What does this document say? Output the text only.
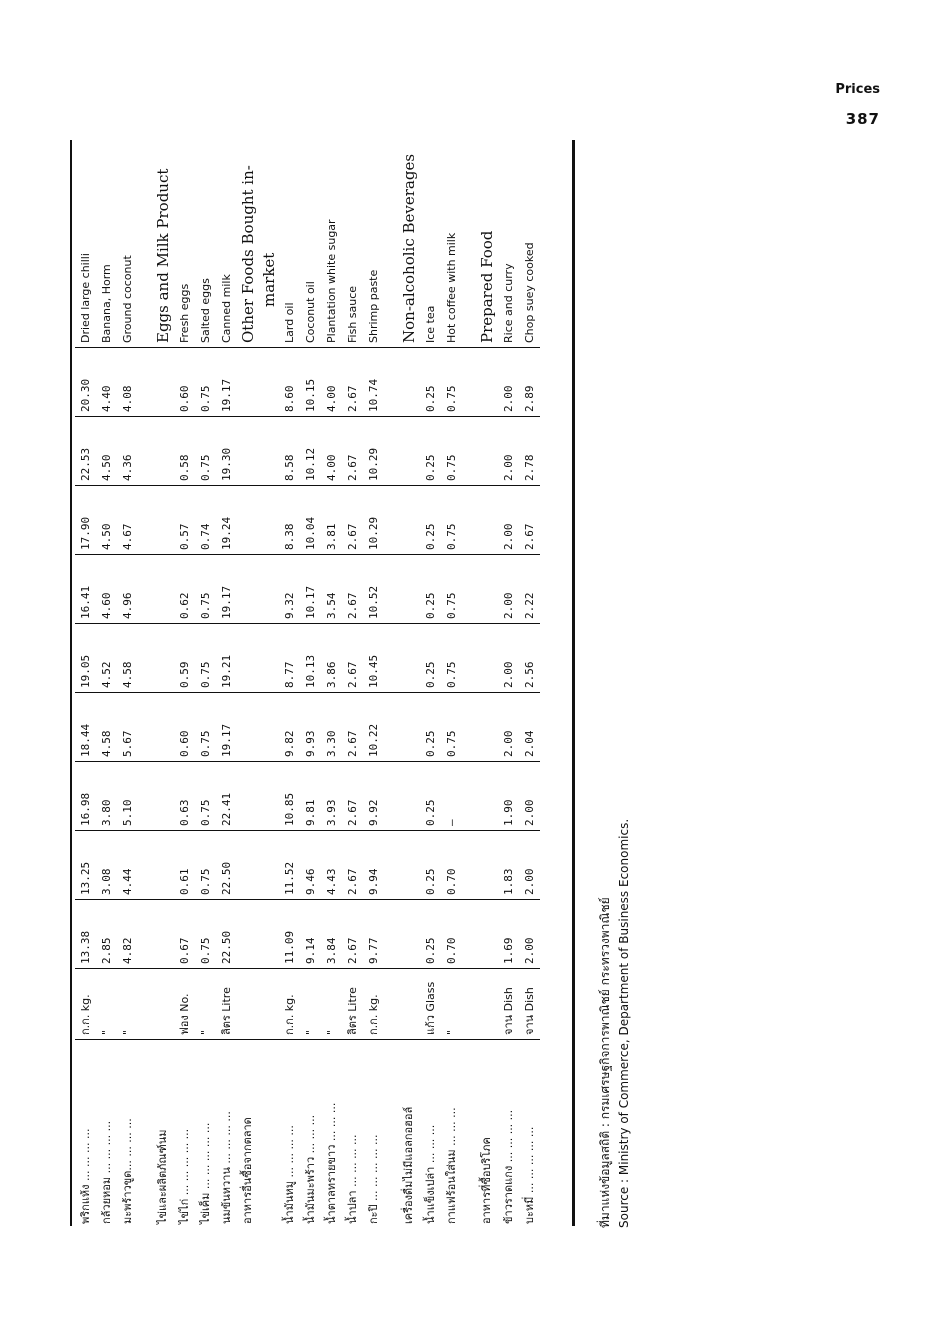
Prices
387
พริกแห้ง ... ... ... ...	ก.ก. kg.	13.38	13.25	16.98	18.44	19.05	16.41	17.90	22.53	20.30	Dried large chilli
กล้วยหอม ... ... ... ...	"	2.85	3.08	3.80	4.58	4.52	4.60	4.50	4.50	4.40	Banana, Horm
มะพร้าวขูด... ... ... ...	"	4.82	4.44	5.10	5.67	4.58	4.96	4.67	4.36	4.08	Ground coconut

ไข่และผลิตภัณฑ์นม											Eggs and Milk Product
ไข่ไก่ ... ... ... ... ...	ฟอง No.	0.67	0.61	0.63	0.60	0.59	0.62	0.57	0.58	0.60	Fresh eggs
ไข่เค็ม ... ... ... ... ...	"	0.75	0.75	0.75	0.75	0.75	0.75	0.74	0.75	0.75	Salted eggs
นมข้นหวาน ... ... ... ...	ลิตร Litre	22.50	22.50	22.41	19.17	19.21	19.17	19.24	19.30	19.17	Canned milk
อาหารอื่นซื้อจากตลาด											Other Foods Bought in-
											market
น้ำมันหมู ... ... ... ...	ก.ก. kg.	11.09	11.52	10.85	9.82	8.77	9.32	8.38	8.58	8.60	Lard oil
น้ำมันมะพร้าว ... ... ...	"	9.14	9.46	9.81	9.93	10.13	10.17	10.04	10.12	10.15	Coconut oil
น้ำตาลทรายขาว ... ... ...	"	3.84	4.43	3.93	3.30	3.86	3.54	3.81	4.00	4.00	Plantation white sugar
น้ำปลา ... ... ... ...	ลิตร Litre	2.67	2.67	2.67	2.67	2.67	2.67	2.67	2.67	2.67	Fish sauce
กะปิ ... ... ... ... ...	ก.ก. kg.	9.77	9.94	9.92	10.22	10.45	10.52	10.29	10.29	10.74	Shrimp paste

เครื่องดื่มไม่มีแอลกอฮอล์											Non-alcoholic Beverages
น้ำแข็งเปล่า ... ... ...	แก้ว Glass	0.25	0.25	0.25	0.25	0.25	0.25	0.25	0.25	0.25	Ice tea
กาแฟร้อนใส่นม ... ... ...	"	0.70	0.70	—	0.75	0.75	0.75	0.75	0.75	0.75	Hot coffee with milk

อาหารที่ซื้อบริโภค											Prepared Food
ข้าวราดแกง ... ... ... ...	จาน Dish	1.69	1.83	1.90	2.00	2.00	2.00	2.00	2.00	2.00	Rice and curry
บะหมี่ ... ... ... ... ...	จาน Dish	2.00	2.00	2.00	2.04	2.56	2.22	2.67	2.78	2.89	Chop suey cooked
ที่มาแห่งข้อมูลสถิติ : กรมเศรษฐกิจการพาณิชย์ กระทรวงพาณิชย์ Source : Ministry of Commerce, Department of Business Economics.
